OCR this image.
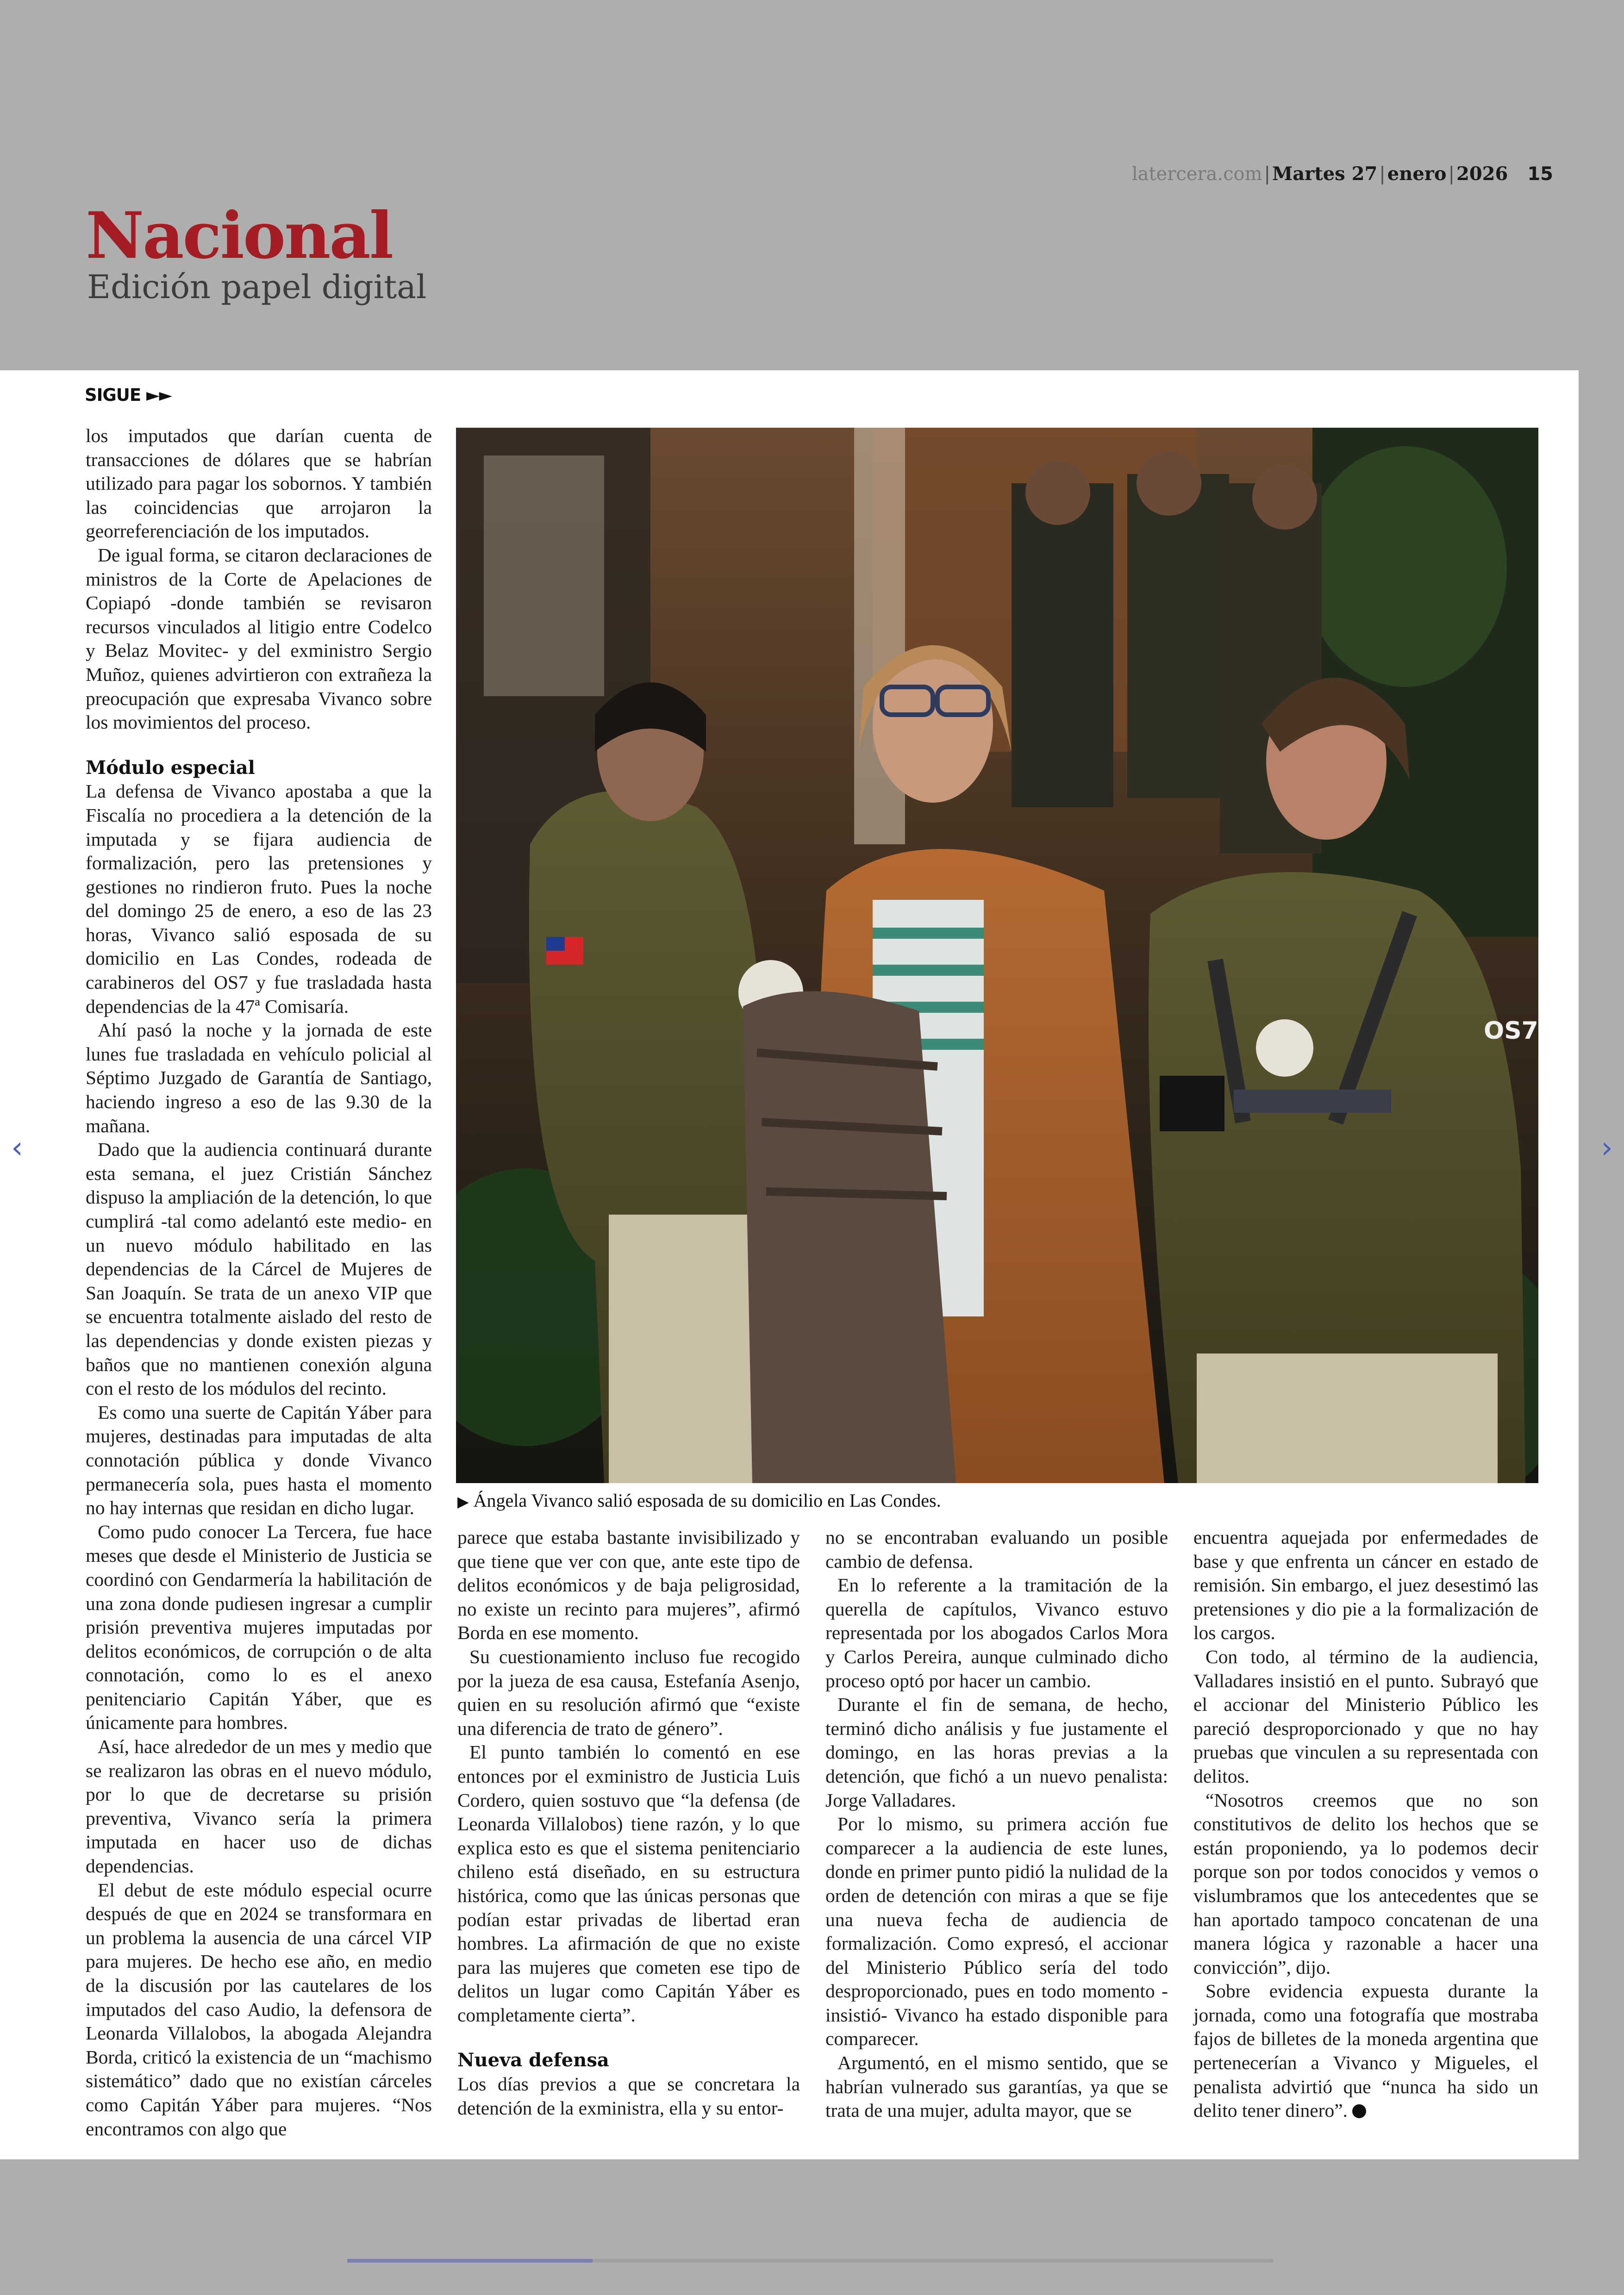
latercera.com | Martes 27 | enero | 2026 15
Nacional
Edición papel digital
SIGUE ►►

los imputados que darían cuenta de transacciones de dólares que se habrían utilizado para pagar los sobornos. Y también las coincidencias que arrojaron la georreferenciación de los imputados.

De igual forma, se citaron declaraciones de ministros de la Corte de Apelaciones de Copiapó -donde también se revisaron recursos vinculados al litigio entre Codelco y Belaz Movitec- y del exministro Sergio Muñoz, quienes advirtieron con extrañeza la preocupación que expresaba Vivanco sobre los movimientos del proceso.

Módulo especial

La defensa de Vivanco apostaba a que la Fiscalía no procediera a la detención de la imputada y se fijara audiencia de formalización, pero las pretensiones y gestiones no rindieron fruto. Pues la noche del domingo 25 de enero, a eso de las 23 horas, Vivanco salió esposada de su domicilio en Las Condes, rodeada de carabineros del OS7 y fue trasladada hasta dependencias de la 47ª Comisaría.

Ahí pasó la noche y la jornada de este lunes fue trasladada en vehículo policial al Séptimo Juzgado de Garantía de Santiago, haciendo ingreso a eso de las 9.30 de la mañana.

Dado que la audiencia continuará durante esta semana, el juez Cristián Sánchez dispuso la ampliación de la detención, lo que cumplirá -tal como adelantó este medio- en un nuevo módulo habilitado en las dependencias de la Cárcel de Mujeres de San Joaquín. Se trata de un anexo VIP que se encuentra totalmente aislado del resto de las dependencias y donde existen piezas y baños que no mantienen conexión alguna con el resto de los módulos del recinto.

Es como una suerte de Capitán Yáber para mujeres, destinadas para imputadas de alta connotación pública y donde Vivanco permanecería sola, pues hasta el momento no hay internas que residan en dicho lugar.

Como pudo conocer La Tercera, fue hace meses que desde el Ministerio de Justicia se coordinó con Gendarmería la habilitación de una zona donde pudiesen ingresar a cumplir prisión preventiva mujeres imputadas por delitos económicos, de corrupción o de alta connotación, como lo es el anexo penitenciario Capitán Yáber, que es únicamente para hombres.

Así, hace alrededor de un mes y medio que se realizaron las obras en el nuevo módulo, por lo que de decretarse su prisión preventiva, Vivanco sería la primera imputada en hacer uso de dichas dependencias.

El debut de este módulo especial ocurre después de que en 2024 se transformara en un problema la ausencia de una cárcel VIP para mujeres. De hecho ese año, en medio de la discusión por las cautelares de los imputados del caso Audio, la defensora de Leonarda Villalobos, la abogada Alejandra Borda, criticó la existencia de un “machismo sistemático” dado que no existían cárceles como Capitán Yáber para mujeres. “Nos encontramos con algo que

OS7
▶ Ángela Vivanco salió esposada de su domicilio en Las Condes.

parece que estaba bastante invisibilizado y que tiene que ver con que, ante este tipo de delitos económicos y de baja peligrosidad, no existe un recinto para mujeres”, afirmó Borda en ese momento.

Su cuestionamiento incluso fue recogido por la jueza de esa causa, Estefanía Asenjo, quien en su resolución afirmó que “existe una diferencia de trato de género”.

El punto también lo comentó en ese entonces por el exministro de Justicia Luis Cordero, quien sostuvo que “la defensa (de Leonarda Villalobos) tiene razón, y lo que explica esto es que el sistema penitenciario chileno está diseñado, en su estructura histórica, como que las únicas personas que podían estar privadas de libertad eran hombres. La afirmación de que no existe para las mujeres que cometen ese tipo de delitos un lugar como Capitán Yáber es completamente cierta”.

Nueva defensa

Los días previos a que se concretara la detención de la exministra, ella y su entor-

no se encontraban evaluando un posible cambio de defensa.

En lo referente a la tramitación de la querella de capítulos, Vivanco estuvo representada por los abogados Carlos Mora y Carlos Pereira, aunque culminado dicho proceso optó por hacer un cambio.

Durante el fin de semana, de hecho, terminó dicho análisis y fue justamente el domingo, en las horas previas a la detención, que fichó a un nuevo penalista: Jorge Valladares.

Por lo mismo, su primera acción fue comparecer a la audiencia de este lunes, donde en primer punto pidió la nulidad de la orden de detención con miras a que se fije una nueva fecha de audiencia de formalización. Como expresó, el accionar del Ministerio Público sería del todo desproporcionado, pues en todo momento -insistió- Vivanco ha estado disponible para comparecer.

Argumentó, en el mismo sentido, que se habrían vulnerado sus garantías, ya que se trata de una mujer, adulta mayor, que se

encuentra aquejada por enfermedades de base y que enfrenta un cáncer en estado de remisión. Sin embargo, el juez desestimó las pretensiones y dio pie a la formalización de los cargos.

Con todo, al término de la audiencia, Valladares insistió en el punto. Subrayó que el accionar del Ministerio Público les pareció desproporcionado y que no hay pruebas que vinculen a su representada con delitos.

“Nosotros creemos que no son constitutivos de delito los hechos que se están proponiendo, ya lo podemos decir porque son por todos conocidos y vemos o vislumbramos que los antecedentes que se han aportado tampoco concatenan de una manera lógica y razonable a hacer una convicción”, dijo.

Sobre evidencia expuesta durante la jornada, como una fotografía que mostraba fajos de billetes de la moneda argentina que pertenecerían a Vivanco y Migueles, el penalista advirtió que “nunca ha sido un delito tener dinero”.

‹	›
